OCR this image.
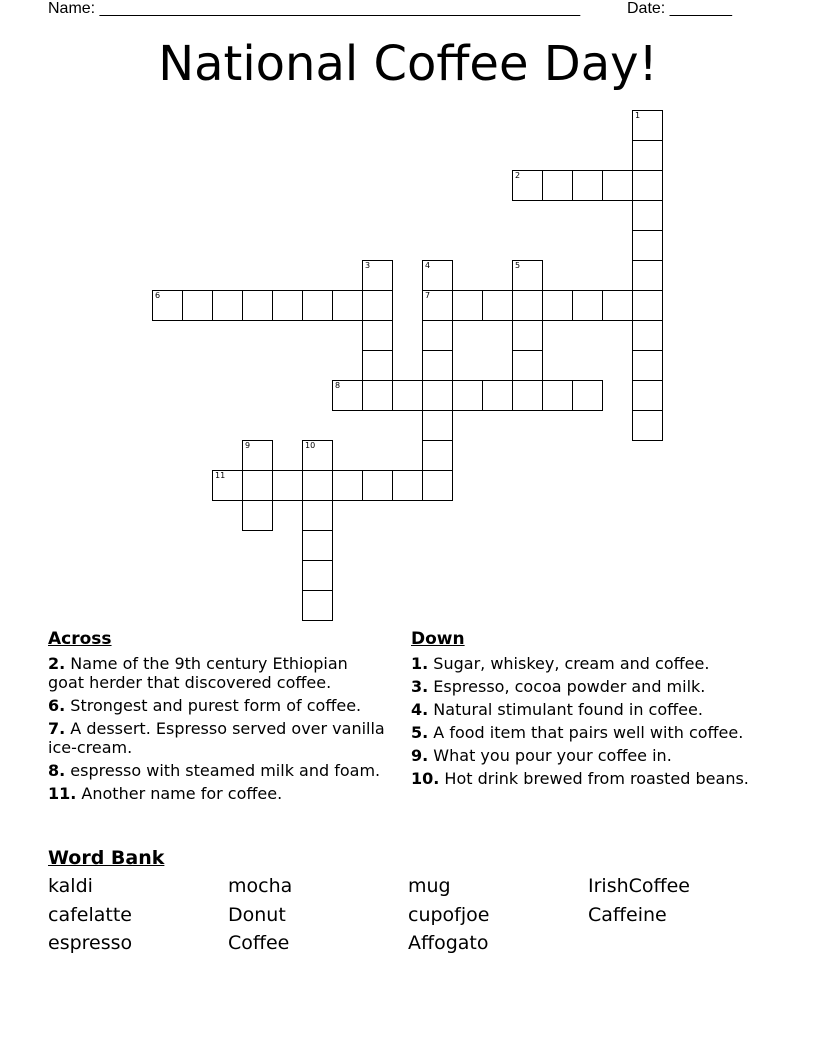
Name: ______________________________________________________	Date: _______
National Coffee Day!
1
2
3	4
7
5
6
8
9	10
11
Across
2. Name of the 9th century Ethiopian goat herder that discovered coffee.
6. Strongest and purest form of coffee.
7. A dessert. Espresso served over vanilla ice-cream.
8. espresso with steamed milk and foam.
11. Another name for coffee.
Down
1. Sugar, whiskey, cream and coffee.
3. Espresso, cocoa powder and milk.
4. Natural stimulant found in coffee.
5. A food item that pairs well with coffee.
9. What you pour your coffee in.
10. Hot drink brewed from roasted beans.
Word Bank
kaldi	mocha	mug	IrishCoffee
cafelatte	Donut	cupofjoe	Caffeine
espresso	Coffee	Affogato
